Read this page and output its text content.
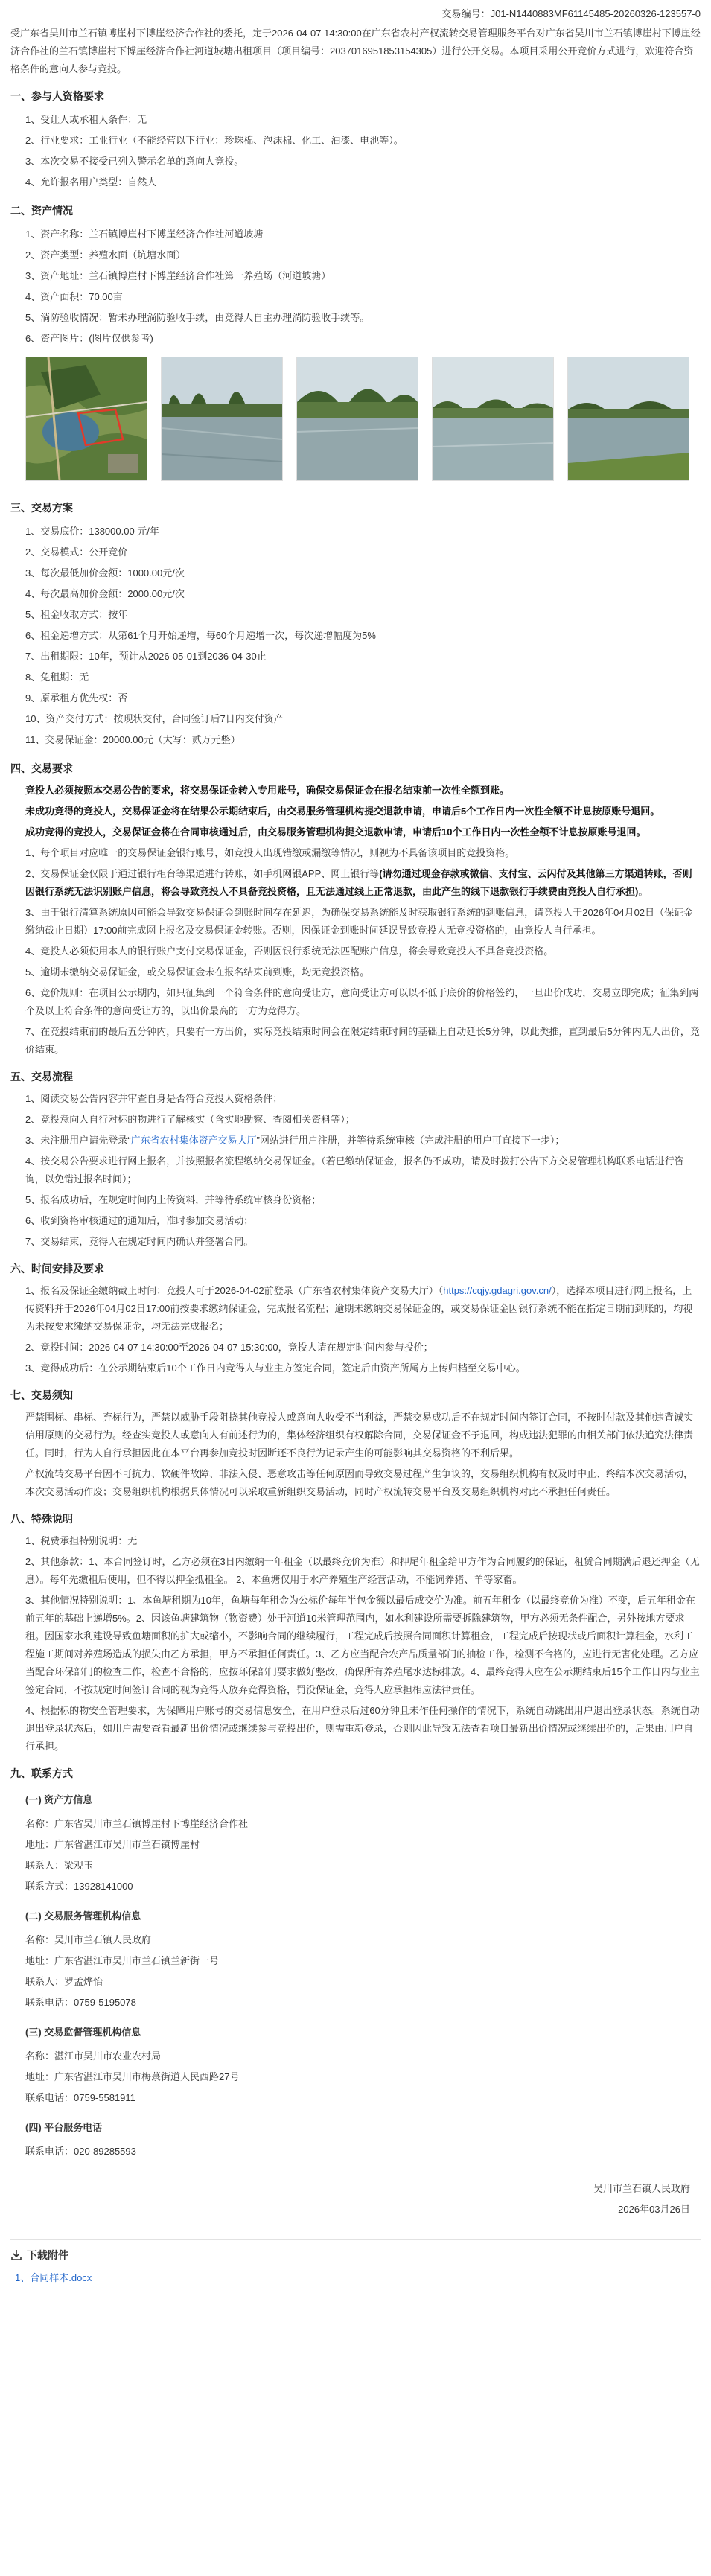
交易编号：J01-N1440883MF61145485-20260326-123557-0

受广东省吴川市兰石镇博崖村下博崖经济合作社的委托，定于2026-04-07 14:30:00在广东省农村产权流转交易管理服务平台对广东省吴川市兰石镇博崖村下博崖经济合作社的兰石镇博崖村下博崖经济合作社河道坡塘出租项目（项目编号：2037016951853154305）进行公开交易。本项目采用公开竞价方式进行，欢迎符合资格条件的意向人参与竞投。

一、参与人资格要求
1、受让人或承租人条件：无
2、行业要求：工业行业（不能经营以下行业：珍珠棉、泡沫棉、化工、油漆、电池等）。
3、本次交易不接受已列入警示名单的意向人竞投。
4、允许报名用户类型：自然人
二、资产情况
1、资产名称：兰石镇博崖村下博崖经济合作社河道坡塘
2、资产类型：养殖水面（坑塘水面）
3、资产地址：兰石镇博崖村下博崖经济合作社第一养殖场（河道坡塘）
4、资产面积：70.00亩
5、淌防验收情况：暂未办理淌防验收手续，由竞得人自主办理淌防验收手续等。
6、资产图片：(图片仅供参考)
三、交易方案
1、交易底价：138000.00 元/年
2、交易模式：公开竞价
3、每次最低加价金额：1000.00元/次
4、每次最高加价金额：2000.00元/次
5、租金收取方式：按年
6、租金递增方式：从第61个月开始递增，每60个月递增一次，每次递增幅度为5%
7、出租期限：10年，预计从2026-05-01到2036-04-30止
8、免租期：无
9、原承租方优先权：否
10、资产交付方式：按现状交付，合同签订后7日内交付资产
11、交易保证金：20000.00元（大写：贰万元整）
四、交易要求
竞投人必须按照本交易公告的要求，将交易保证金转入专用账号，确保交易保证金在报名结束前一次性全额到账。
未成功竞得的竞投人，交易保证金将在结果公示期结束后，由交易服务管理机构提交退款申请，申请后5个工作日内一次性全额不计息按原账号退回。
成功竞得的竞投人，交易保证金将在合同审核通过后，由交易服务管理机构提交退款申请，申请后10个工作日内一次性全额不计息按原账号退回。
1、每个项目对应唯一的交易保证金银行账号，如竞投人出现错缴或漏缴等情况，则视为不具备该项目的竞投资格。
2、交易保证金仅限于通过银行柜台等渠道进行转账，如手机网银APP、网上银行等(请勿通过现金存款或微信、支付宝、云闪付及其他第三方渠道转账，否则因银行系统无法识别账户信息，将会导致竞投人不具备竞投资格，且无法通过线上正常退款，由此产生的线下退款银行手续费由竞投人自行承担)。
3、由于银行清算系统原因可能会导致交易保证金到账时间存在延迟，为确保交易系统能及时获取银行系统的到账信息，请竞投人于2026年04月02日（保证金缴纳截止日期）17:00前完成网上报名及交易保证金转账。否则，因保证金到账时间延误导致竞投人无竞投资格的，由竞投人自行承担。
4、竞投人必须使用本人的银行账户支付交易保证金，否则因银行系统无法匹配账户信息，将会导致竞投人不具备竞投资格。
5、逾期未缴纳交易保证金，或交易保证金未在报名结束前到账，均无竞投资格。
6、竞价规则：在项目公示期内，如只征集到一个符合条件的意向受让方，意向受让方可以以不低于底价的价格签约，一旦出价成功，交易立即完成；征集到两个及以上符合条件的意向受让方的，以出价最高的一方为竞得方。
7、在竞投结束前的最后五分钟内，只要有一方出价，实际竞投结束时间会在限定结束时间的基础上自动延长5分钟，以此类推，直到最后5分钟内无人出价，竞价结束。
五、交易流程
1、阅读交易公告内容并审查自身是否符合竞投人资格条件；
2、竞投意向人自行对标的物进行了解核实（含实地勘察、查阅相关资料等）；
3、未注册用户请先登录“广东省农村集体资产交易大厅”网站进行用户注册，并等待系统审核（完成注册的用户可直接下一步）；
4、按交易公告要求进行网上报名，并按照报名流程缴纳交易保证金。（若已缴纳保证金，报名仍不成功，请及时拨打公告下方交易管理机构联系电话进行咨询，以免错过报名时间）；
5、报名成功后，在规定时间内上传资料，并等待系统审核身份资格；
6、收到资格审核通过的通知后，准时参加交易活动；
7、交易结束，竞得人在规定时间内确认并签署合同。
六、时间安排及要求
1、报名及保证金缴纳截止时间：竞投人可于2026-04-02前登录（广东省农村集体资产交易大厅）（https://cqjy.gdagri.gov.cn/），选择本项目进行网上报名，上传资料并于2026年04月02日17:00前按要求缴纳保证金，完成报名流程；逾期未缴纳交易保证金的，或交易保证金因银行系统不能在指定日期前到账的，均视为未按要求缴纳交易保证金，均无法完成报名；
2、竞投时间：2026-04-07 14:30:00至2026-04-07 15:30:00，竞投人请在规定时间内参与投价；
3、竞得成功后：在公示期结束后10个工作日内竞得人与业主方签定合同，签定后由资产所属方上传归档至交易中心。
七、交易须知
严禁围标、串标、弃标行为，严禁以威胁手段阻挠其他竞投人或意向人收受不当利益，严禁交易成功后不在规定时间内签订合同，不按时付款及其他违背诚实信用原则的交易行为。经查实竞投人或意向人有前述行为的，集体经济组织有权解除合同，交易保证金不予退回，构成违法犯罪的由相关部门依法追究法律责任。同时，行为人自行承担因此在本平台再参加竞投时因断还不良行为记录产生的可能影响其交易资格的不利后果。
产权流转交易平台因不可抗力、软硬件故障、非法入侵、恶意攻击等任何原因而导致交易过程产生争议的，交易组织机构有权及时中止、终结本次交易活动，本次交易活动作废；交易组织机构根据具体情况可以采取重新组织交易活动，同时产权流转交易平台及交易组织机构对此不承担任何责任。
八、特殊说明
1、税费承担特别说明：无
2、其他条款：1、本合同签订时，乙方必须在3日内缴纳一年租金（以最终竞价为准）和押尾年租金给甲方作为合同履约的保证，租赁合同期满后退还押金（无息）。每年先缴租后使用，但不得以押金抵租金。 2、本鱼塘仅用于水产养殖生产经营活动，不能饲养猪、羊等家畜。
3、其他情况特别说明：1、本鱼塘租期为10年，鱼塘每年租金为公标价每年半包金额以最后成交价为准。前五年租金（以最终竞价为准）不变，后五年租金在前五年的基础上递增5%。2、因该鱼塘建筑物（物资费）处于河道10米管理范围内，如水利建设所需要拆除建筑物，甲方必须无条件配合，另外按地方要求租。因国家水利建设导致鱼塘面积的扩大或缩小，不影响合同的继续履行，工程完成后按照合同面积计算租金，工程完成后按现状或后面积计算租金，水利工程施工期间对养殖场造成的损失由乙方承担，甲方不承担任何责任。3、乙方应当配合农产品质量部门的抽检工作，检测不合格的，应进行无害化处理。乙方应当配合环保部门的检查工作，检查不合格的，应按环保部门要求做好整改，确保所有养殖尾水达标排放。4、最终竞得人应在公示期结束后15个工作日内与业主签定合同，不按规定时间签订合同的视为竞得人放弃竞得资格，罚没保证金，竞得人应承担相应法律责任。
4、根据标的物安全管理要求，为保障用户账号的交易信息安全，在用户登录后过60分钟且未作任何操作的情况下，系统自动跳出用户退出登录状态。系统自动退出登录状态后，如用户需要查看最新出价情况或继续参与竞投出价，则需重新登录，否则因此导致无法查看项目最新出价情况或继续出价的，后果由用户自行承担。
九、联系方式
(一) 资产方信息
名称：广东省吴川市兰石镇博崖村下博崖经济合作社
地址：广东省湛江市吴川市兰石镇博崖村
联系人：梁观玉
联系方式：13928141000
(二) 交易服务管理机构信息
名称：吴川市兰石镇人民政府
地址：广东省湛江市吴川市兰石镇兰新街一号
联系人：罗孟烨怡
联系电话：0759-5195078
(三) 交易监督管理机构信息
名称：湛江市吴川市农业农村局
地址：广东省湛江市吴川市梅菉街道人民西路27号
联系电话：0759-5581911
(四) 平台服务电话
联系电话：020-89285593
吴川市兰石镇人民政府
2026年03月26日
下载附件
1、合同样本.docx
